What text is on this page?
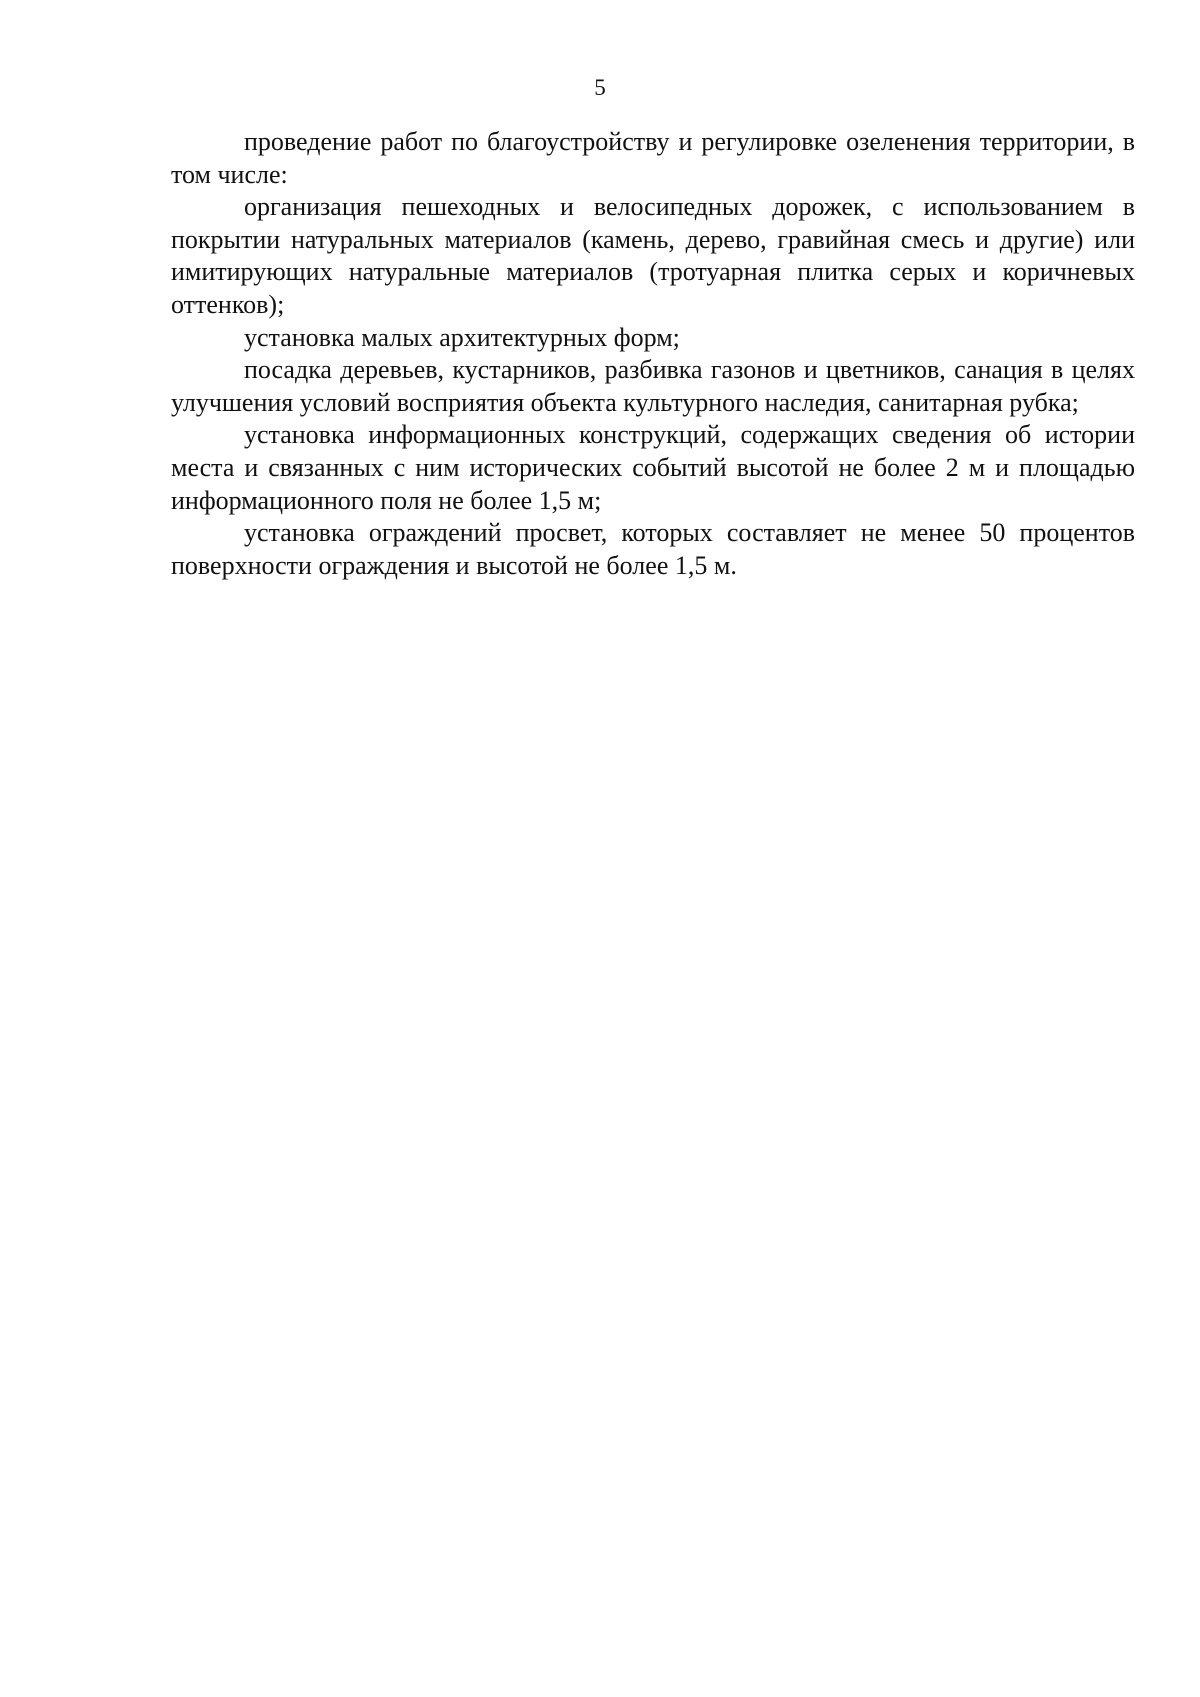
5

проведение работ по благоустройству и регулировке озеленения территории, в том числе:

организация пешеходных и велосипедных дорожек, с использованием в покрытии натуральных материалов (камень, дерево, гравийная смесь и другие) или имитирующих натуральные материалов (тротуарная плитка серых и коричневых оттенков);

установка малых архитектурных форм;

посадка деревьев, кустарников, разбивка газонов и цветников, санация в целях улучшения условий восприятия объекта культурного наследия, санитарная рубка;

установка информационных конструкций, содержащих сведения об истории места и связанных с ним исторических событий высотой не более 2 м и площадью информационного поля не более 1,5 м;

установка ограждений просвет, которых составляет не менее 50 процентов поверхности ограждения и высотой не более 1,5 м.
